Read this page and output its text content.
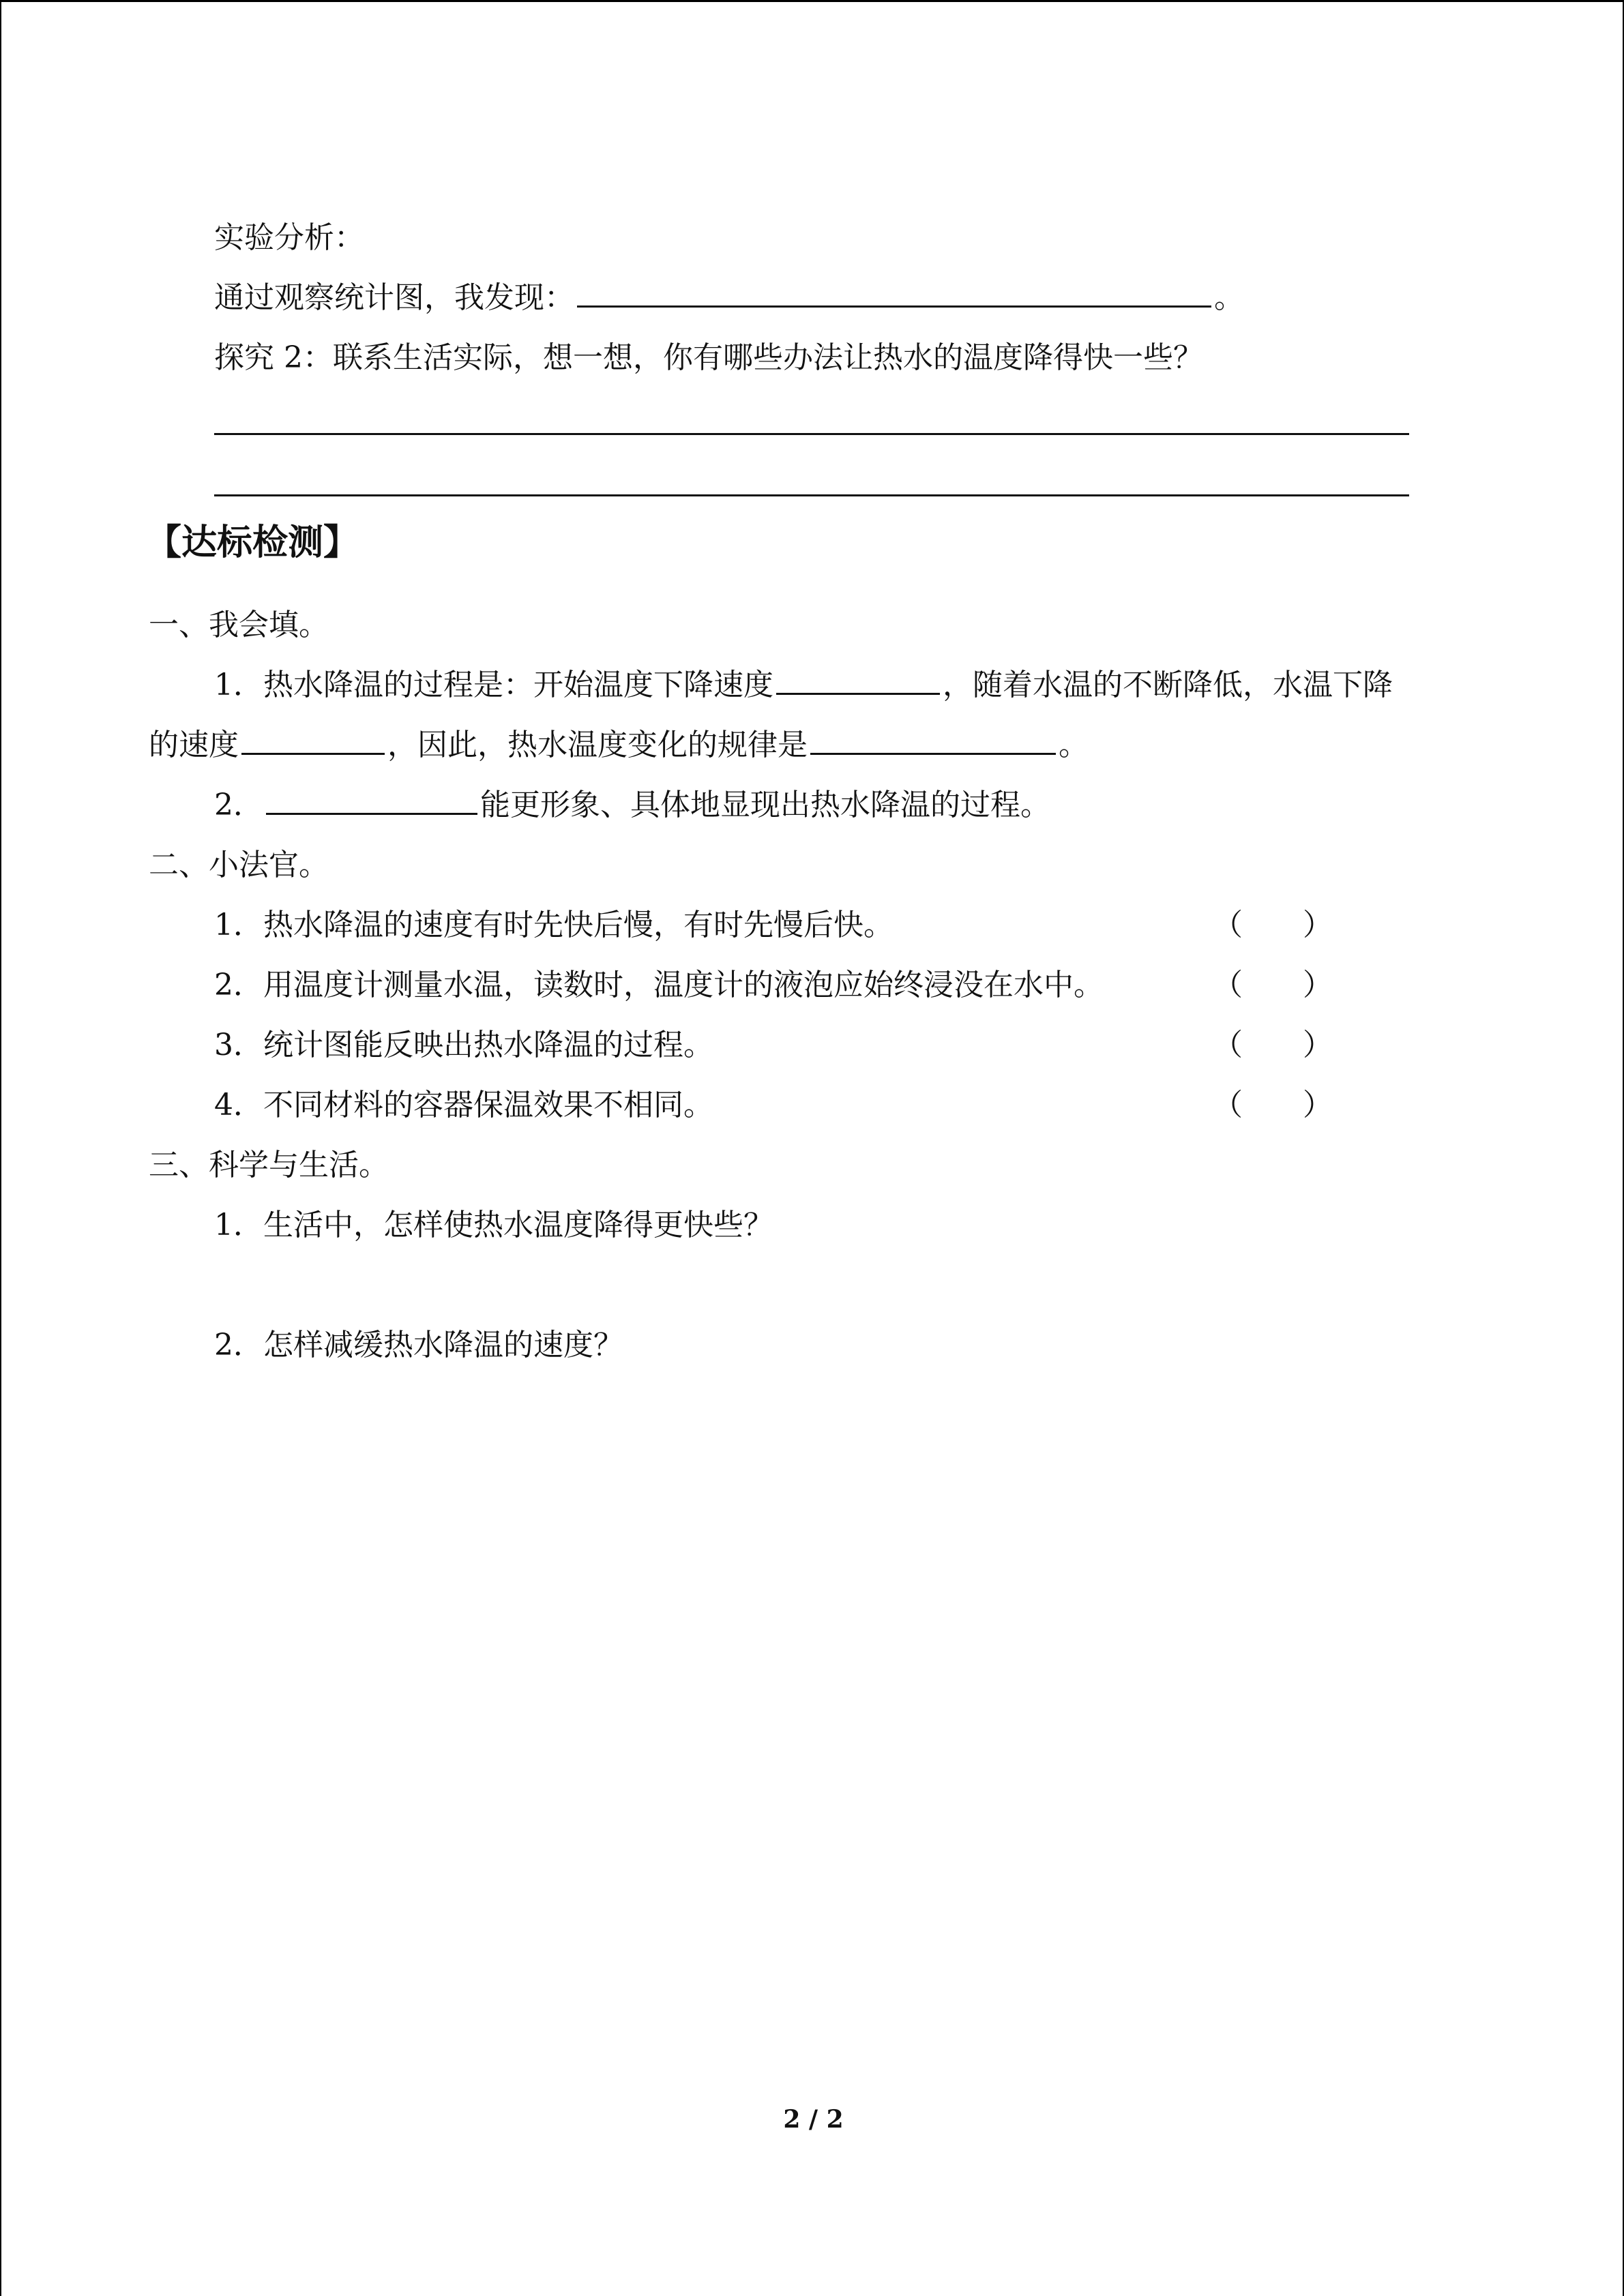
实验分析：
通过观察统计图，我发现：	。
探究 2：联系生活实际，想一想，你有哪些办法让热水的温度降得快一些？
【达标检测】
一、我会填。
1．热水降温的过程是：开始温度下降速度	，随着水温的不断降低，水温下降
的速度	，因此，热水温度变化的规律是	。
2．	能更形象、具体地显现出热水降温的过程。
二、小法官。
1．热水降温的速度有时先快后慢，有时先慢后快。	（　　）
2．用温度计测量水温，读数时，温度计的液泡应始终浸没在水中。	（　　）
3．统计图能反映出热水降温的过程。	（　　）
4．不同材料的容器保温效果不相同。	（　　）
三、科学与生活。
1．生活中，怎样使热水温度降得更快些？
2．怎样减缓热水降温的速度？
2 / 2
